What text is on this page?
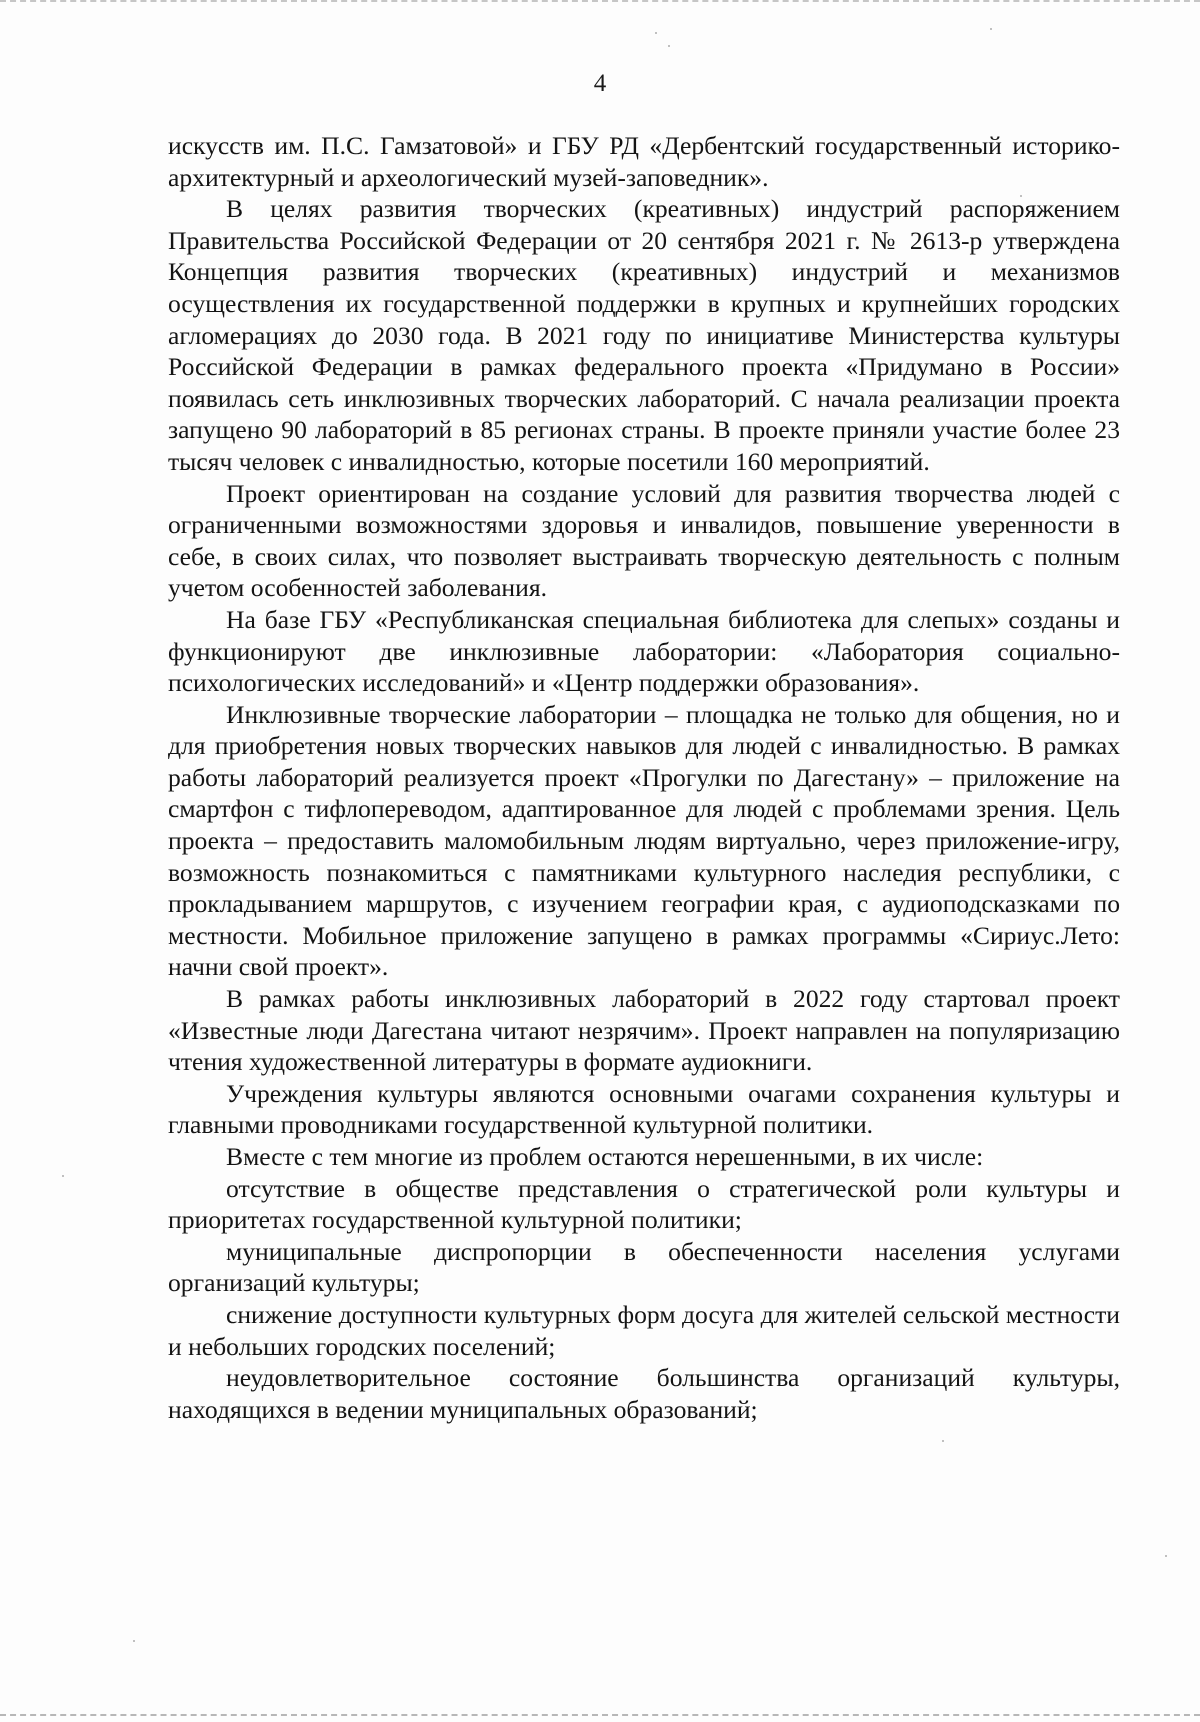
4

искусств им. П.С. Гамзатовой» и ГБУ РД «Дербентский государственный историко-архитектурный и археологический музей-заповедник».

В целях развития творческих (креативных) индустрий распоряжением Правительства Российской Федерации от 20 сентября 2021 г. № 2613-р утверждена Концепция развития творческих (креативных) индустрий и механизмов осуществления их государственной поддержки в крупных и крупнейших городских агломерациях до 2030 года. В 2021 году по инициативе Министерства культуры Российской Федерации в рамках федерального проекта «Придумано в России» появилась сеть инклюзивных творческих лабораторий. С начала реализации проекта запущено 90 лабораторий в 85 регионах страны. В проекте приняли участие более 23 тысяч человек с инвалидностью, которые посетили 160 мероприятий.

Проект ориентирован на создание условий для развития творчества людей с ограниченными возможностями здоровья и инвалидов, повышение уверенности в себе, в своих силах, что позволяет выстраивать творческую деятельность с полным учетом особенностей заболевания.

На базе ГБУ «Республиканская специальная библиотека для слепых» созданы и функционируют две инклюзивные лаборатории: «Лаборатория социально-психологических исследований» и «Центр поддержки образования».

Инклюзивные творческие лаборатории – площадка не только для общения, но и для приобретения новых творческих навыков для людей с инвалидностью. В рамках работы лабораторий реализуется проект «Прогулки по Дагестану» – приложение на смартфон с тифлопереводом, адаптированное для людей с проблемами зрения. Цель проекта – предоставить маломобильным людям виртуально, через приложение-игру, возможность познакомиться с памятниками культурного наследия республики, с прокладыванием маршрутов, с изучением географии края, с аудиоподсказками по местности. Мобильное приложение запущено в рамках программы «Сириус.Лето: начни свой проект».

В рамках работы инклюзивных лабораторий в 2022 году стартовал проект «Известные люди Дагестана читают незрячим». Проект направлен на популяризацию чтения художественной литературы в формате аудиокниги.

Учреждения культуры являются основными очагами сохранения культуры и главными проводниками государственной культурной политики.

Вместе с тем многие из проблем остаются нерешенными, в их числе:

отсутствие в обществе представления о стратегической роли культуры и приоритетах государственной культурной политики;

муниципальные диспропорции в обеспеченности населения услугами организаций культуры;

снижение доступности культурных форм досуга для жителей сельской местности и небольших городских поселений;

неудовлетворительное состояние большинства организаций культуры, находящихся в ведении муниципальных образований;
